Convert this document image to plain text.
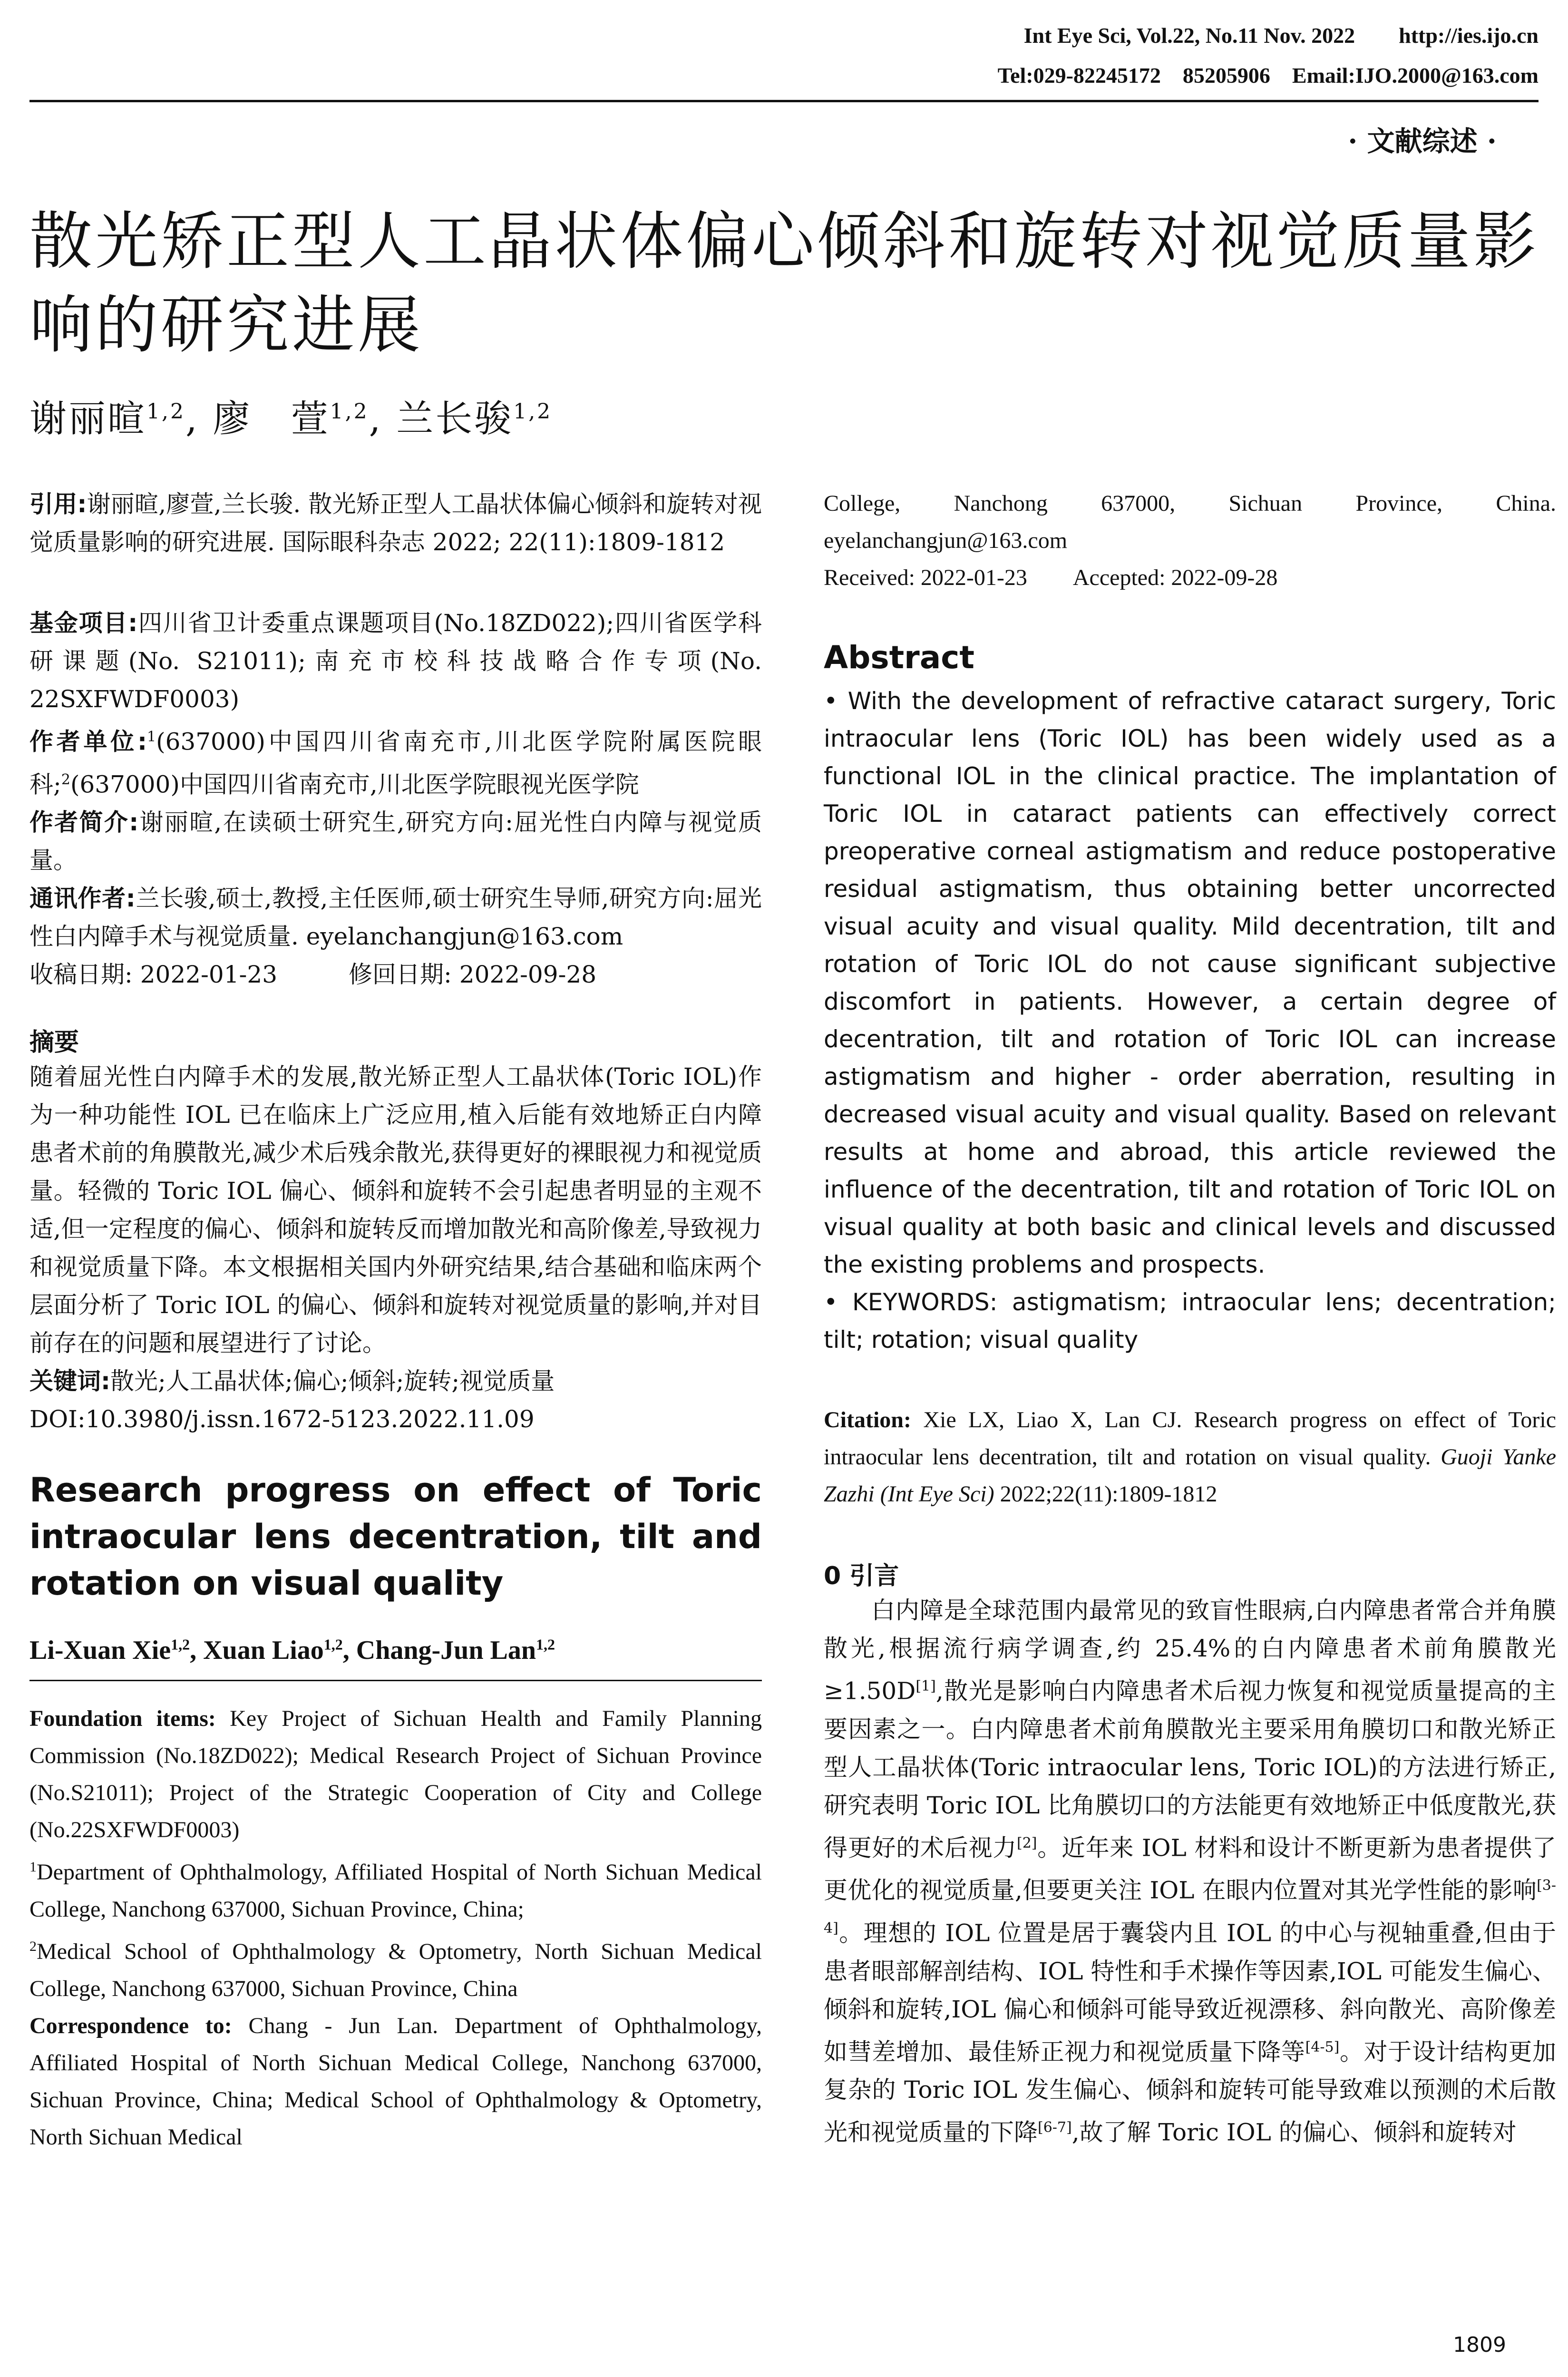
Int Eye Sci, Vol.22, No.11 Nov. 2022        http://ies.ijo.cn
Tel:029-82245172    85205906    Email:IJO.2000@163.com
· 文献综述 ·
散光矫正型人工晶状体偏心倾斜和旋转对视觉质量影响的研究进展
谢丽暄$^{1,2}$, 廖　萱$^{1,2}$, 兰长骏$^{1,2}$

引用:谢丽暄,廖萱,兰长骏. 散光矫正型人工晶状体偏心倾斜和旋转对视觉质量影响的研究进展. 国际眼科杂志 2022; 22(11):1809-1812

基金项目:四川省卫计委重点课题项目(No.18ZD022);四川省医学科研课题(No. S21011);南充市校科技战略合作专项(No. 22SXFWDF0003)

作者单位:$^1$(637000)中国四川省南充市,川北医学院附属医院眼科;$^2$(637000)中国四川省南充市,川北医学院眼视光医学院

作者简介:谢丽暄,在读硕士研究生,研究方向:屈光性白内障与视觉质量。

通讯作者:兰长骏,硕士,教授,主任医师,硕士研究生导师,研究方向:屈光性白内障手术与视觉质量. eyelanchangjun@163.com

收稿日期: 2022-01-23　　　修回日期: 2022-09-28

摘要

随着屈光性白内障手术的发展,散光矫正型人工晶状体(Toric IOL)作为一种功能性 IOL 已在临床上广泛应用,植入后能有效地矫正白内障患者术前的角膜散光,减少术后残余散光,获得更好的裸眼视力和视觉质量。轻微的 Toric IOL 偏心、倾斜和旋转不会引起患者明显的主观不适,但一定程度的偏心、倾斜和旋转反而增加散光和高阶像差,导致视力和视觉质量下降。本文根据相关国内外研究结果,结合基础和临床两个层面分析了 Toric IOL 的偏心、倾斜和旋转对视觉质量的影响,并对目前存在的问题和展望进行了讨论。

关键词:散光;人工晶状体;偏心;倾斜;旋转;视觉质量

DOI:10.3980/j.issn.1672-5123.2022.11.09

Research progress on effect of Toric intraocular lens decentration, tilt and rotation on visual quality
Li-Xuan Xie$^{1,2}$, Xuan Liao$^{1,2}$, Chang-Jun Lan$^{1,2}$

Foundation items: Key Project of Sichuan Health and Family Planning Commission (No.18ZD022); Medical Research Project of Sichuan Province (No.S21011); Project of the Strategic Cooperation of City and College (No.22SXFWDF0003)

$^1$Department of Ophthalmology, Affiliated Hospital of North Sichuan Medical College, Nanchong 637000, Sichuan Province, China;

$^2$Medical School of Ophthalmology & Optometry, North Sichuan Medical College, Nanchong 637000, Sichuan Province, China

Correspondence to: Chang - Jun Lan. Department of Ophthalmology, Affiliated Hospital of North Sichuan Medical College, Nanchong 637000, Sichuan Province, China; Medical School of Ophthalmology & Optometry, North Sichuan Medical

College, Nanchong 637000, Sichuan Province, China. eyelanchangjun@163.com

Received: 2022-01-23　　Accepted: 2022-09-28

Abstract

• With the development of refractive cataract surgery, Toric intraocular lens (Toric IOL) has been widely used as a functional IOL in the clinical practice. The implantation of Toric IOL in cataract patients can effectively correct preoperative corneal astigmatism and reduce postoperative residual astigmatism, thus obtaining better uncorrected visual acuity and visual quality. Mild decentration, tilt and rotation of Toric IOL do not cause significant subjective discomfort in patients. However, a certain degree of decentration, tilt and rotation of Toric IOL can increase astigmatism and higher - order aberration, resulting in decreased visual acuity and visual quality. Based on relevant results at home and abroad, this article reviewed the influence of the decentration, tilt and rotation of Toric IOL on visual quality at both basic and clinical levels and discussed the existing problems and prospects.

• KEYWORDS: astigmatism; intraocular lens; decentration; tilt; rotation; visual quality

Citation: Xie LX, Liao X, Lan CJ. Research progress on effect of Toric intraocular lens decentration, tilt and rotation on visual quality. Guoji Yanke Zazhi (Int Eye Sci) 2022;22(11):1809-1812

0 引言

白内障是全球范围内最常见的致盲性眼病,白内障患者常合并角膜散光,根据流行病学调查,约 25.4%的白内障患者术前角膜散光≥1.50D[1],散光是影响白内障患者术后视力恢复和视觉质量提高的主要因素之一。白内障患者术前角膜散光主要采用角膜切口和散光矫正型人工晶状体(Toric intraocular lens, Toric IOL)的方法进行矫正,研究表明 Toric IOL 比角膜切口的方法能更有效地矫正中低度散光,获得更好的术后视力[2]。近年来 IOL 材料和设计不断更新为患者提供了更优化的视觉质量,但要更关注 IOL 在眼内位置对其光学性能的影响[3-4]。理想的 IOL 位置是居于囊袋内且 IOL 的中心与视轴重叠,但由于患者眼部解剖结构、IOL 特性和手术操作等因素,IOL 可能发生偏心、倾斜和旋转,IOL 偏心和倾斜可能导致近视漂移、斜向散光、高阶像差如彗差增加、最佳矫正视力和视觉质量下降等[4-5]。对于设计结构更加复杂的 Toric IOL 发生偏心、倾斜和旋转可能导致难以预测的术后散光和视觉质量的下降[6-7],故了解 Toric IOL 的偏心、倾斜和旋转对

1809
